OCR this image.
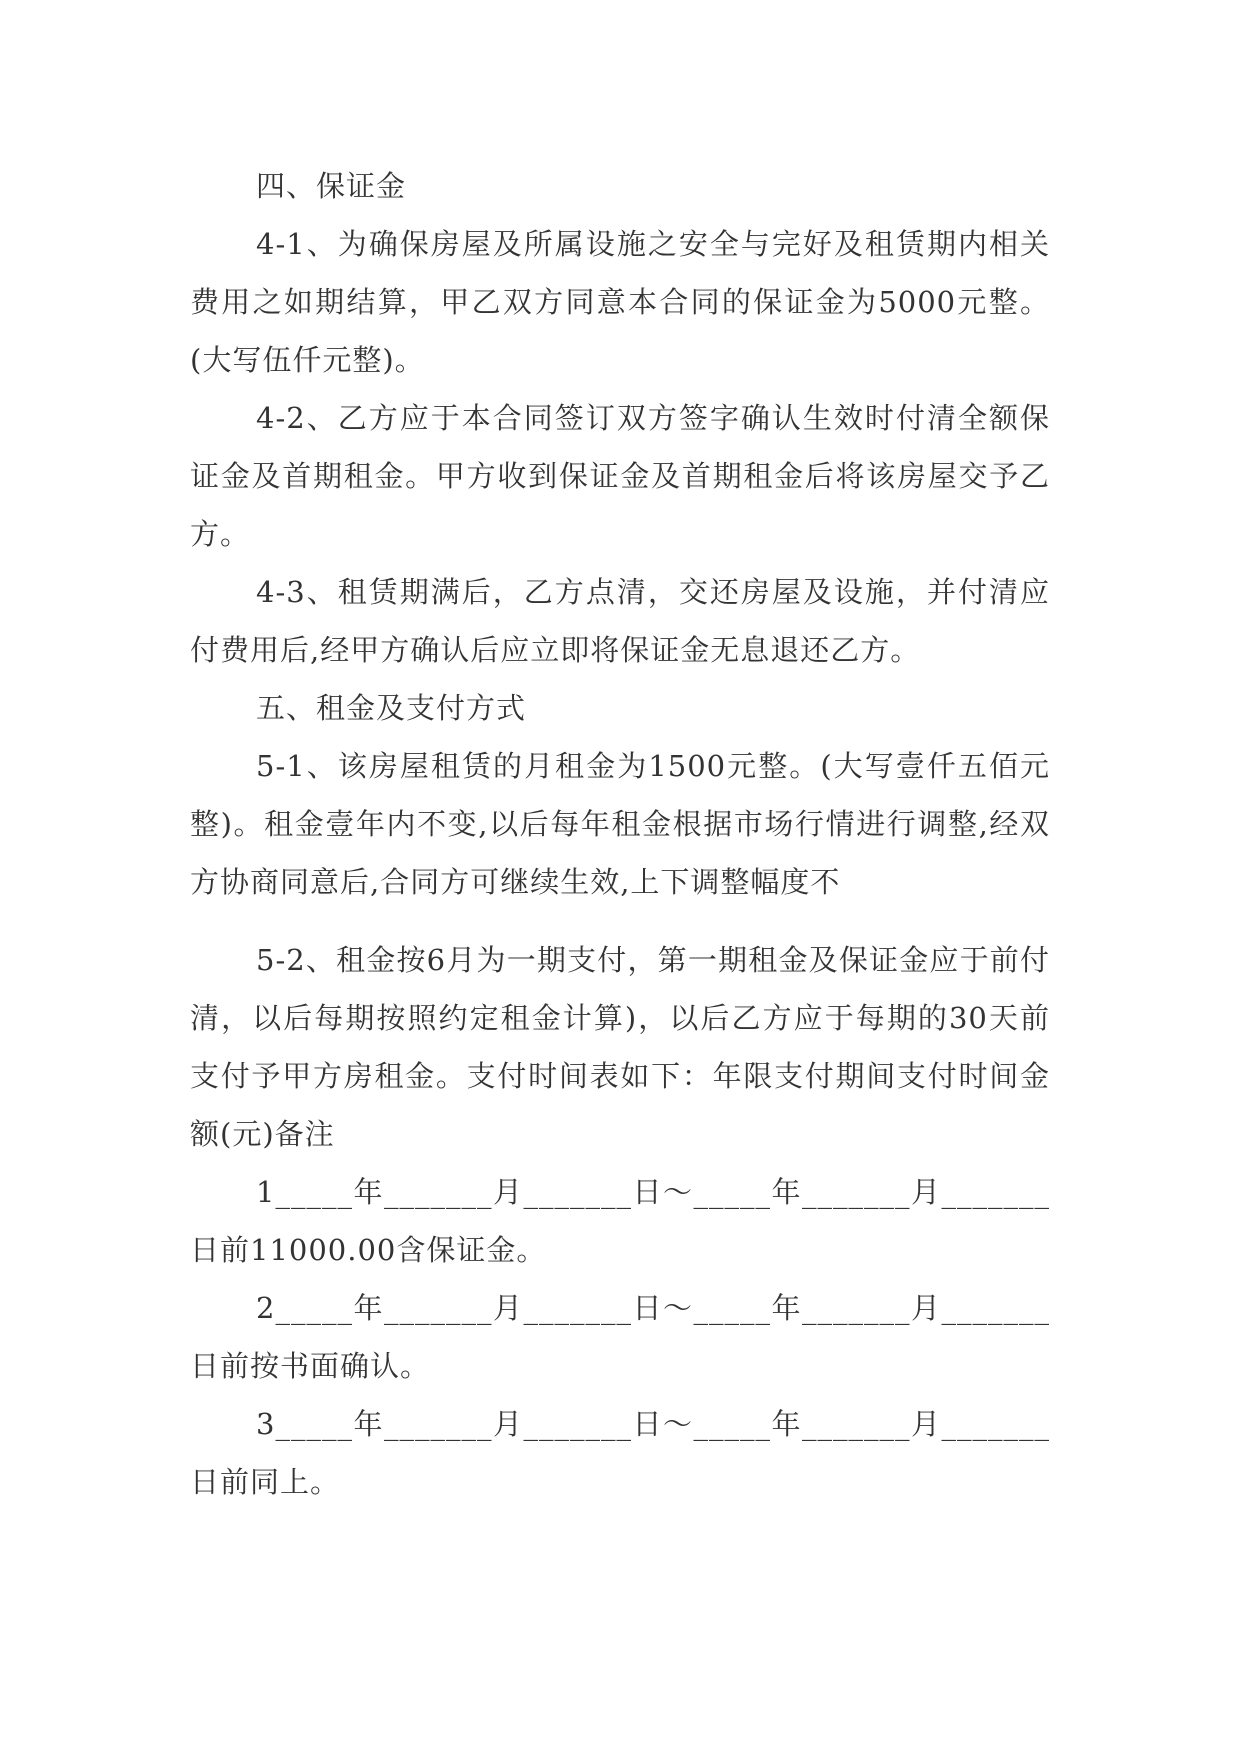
四、保证金

4-1、为确保房屋及所属设施之安全与完好及租赁期内相关费用之如期结算，甲乙双方同意本合同的保证金为5000元整。(大写伍仟元整)。

4-2、乙方应于本合同签订双方签字确认生效时付清全额保证金及首期租金。甲方收到保证金及首期租金后将该房屋交予乙方。

4-3、租赁期满后，乙方点清，交还房屋及设施，并付清应付费用后,经甲方确认后应立即将保证金无息退还乙方。

五、租金及支付方式

5-1、该房屋租赁的月租金为1500元整。(大写壹仟五佰元整)。租金壹年内不变,以后每年租金根据市场行情进行调整,经双方协商同意后,合同方可继续生效,上下调整幅度不

5-2、租金按6月为一期支付，第一期租金及保证金应于前付清，以后每期按照约定租金计算)，以后乙方应于每期的30天前支付予甲方房租金。支付时间表如下：年限支付期间支付时间金额(元)备注

1_____年_______月_______日～_____年_______月_______日前11000.00含保证金。

2_____年_______月_______日～_____年_______月_______日前按书面确认。

3_____年_______月_______日～_____年_______月_______日前同上。
